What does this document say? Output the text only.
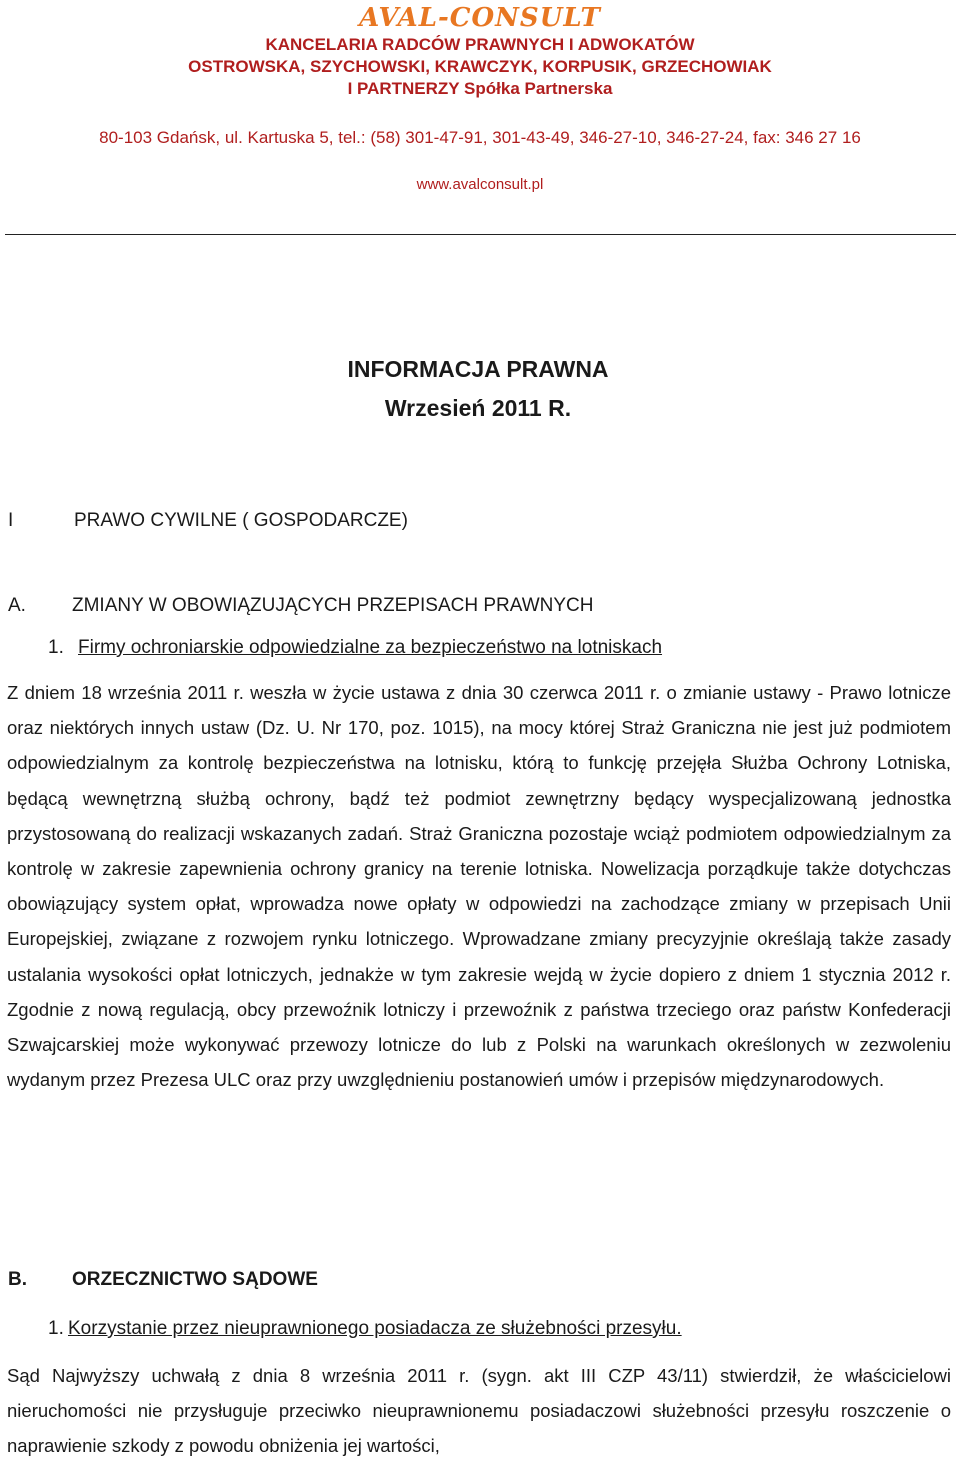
AVAL-CONSULT
KANCELARIA RADCÓW PRAWNYCH I ADWOKATÓW
OSTROWSKA, SZYCHOWSKI, KRAWCZYK, KORPUSIK, GRZECHOWIAK
I PARTNERZY Spółka Partnerska
80-103 Gdańsk, ul. Kartuska 5, tel.: (58) 301-47-91, 301-43-49, 346-27-10, 346-27-24, fax: 346 27 16
www.avalconsult.pl
INFORMACJA PRAWNA
Wrzesień 2011 R.
I	PRAWO CYWILNE ( GOSPODARCZE)
A. ZMIANY W OBOWIĄZUJĄCYCH PRZEPISACH PRAWNYCH
1. Firmy ochroniarskie odpowiedzialne za bezpieczeństwo na lotniskach
Z dniem 18 września 2011 r. weszła w życie ustawa z dnia 30 czerwca 2011 r. o zmianie ustawy - Prawo lotnicze oraz niektórych innych ustaw (Dz. U. Nr 170, poz. 1015), na mocy której Straż Graniczna nie jest już podmiotem odpowiedzialnym za kontrolę bezpieczeństwa na lotnisku, którą to funkcję przejęła Służba Ochrony Lotniska, będącą wewnętrzną służbą ochrony, bądź też podmiot zewnętrzny będący wyspecjalizowaną jednostka przystosowaną do realizacji wskazanych zadań. Straż Graniczna pozostaje wciąż podmiotem odpowiedzialnym za kontrolę w zakresie zapewnienia ochrony granicy na terenie lotniska. Nowelizacja porządkuje także dotychczas obowiązujący system opłat, wprowadza nowe opłaty w odpowiedzi na zachodzące zmiany w przepisach Unii Europejskiej, związane z rozwojem rynku lotniczego. Wprowadzane zmiany precyzyjnie określają także zasady ustalania wysokości opłat lotniczych, jednakże w tym zakresie wejdą w życie dopiero z dniem 1 stycznia 2012 r. Zgodnie z nową regulacją, obcy przewoźnik lotniczy i przewoźnik z państwa trzeciego oraz państw Konfederacji Szwajcarskiej może wykonywać przewozy lotnicze do lub z Polski na warunkach określonych w zezwoleniu wydanym przez Prezesa ULC oraz przy uwzględnieniu postanowień umów i przepisów międzynarodowych.
B. ORZECZNICTWO SĄDOWE
1. Korzystanie przez nieuprawnionego posiadacza ze służebności przesyłu.
Sąd Najwyższy uchwałą z dnia 8 września 2011 r. (sygn. akt III CZP 43/11) stwierdził, że właścicielowi nieruchomości nie przysługuje przeciwko nieuprawnionemu posiadaczowi służebności przesyłu roszczenie o naprawienie szkody z powodu obniżenia jej wartości,
